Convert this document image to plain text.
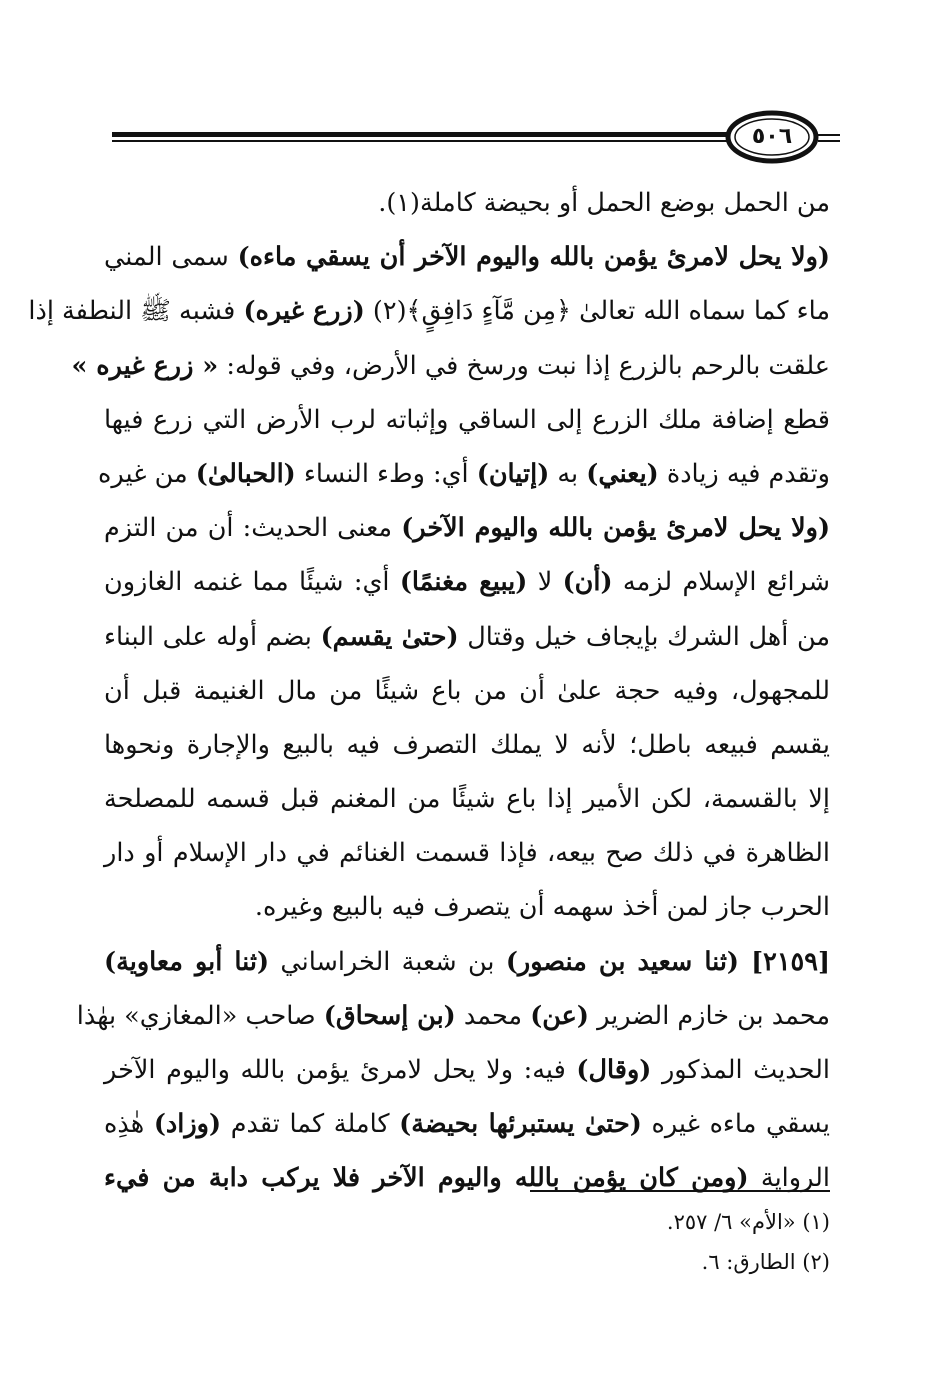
٥٠٦
من الحمل بوضع الحمل أو بحيضة كاملة(١).
(ولا يحل لامرئ يؤمن بالله واليوم الآخر أن يسقي ماءه) سمى المني
ماء كما سماه الله تعالىٰ ﴿مِن مَّآءٍ دَافِقٍ﴾(٢) (زرع غيره) فشبه ﷺ النطفة إذا
علقت بالرحم بالزرع إذا نبت ورسخ في الأرض، وفي قوله: « زرع غيره »
قطع إضافة ملك الزرع إلى الساقي وإثباته لرب الأرض التي زرع فيها
وتقدم فيه زيادة (يعني) به (إتيان) أي: وطء النساء (الحبالىٰ) من غيره
(ولا يحل لامرئ يؤمن بالله واليوم الآخر) معنى الحديث: أن من التزم
شرائع الإسلام لزمه (أن) لا (يبيع مغنمًا) أي: شيئًا مما غنمه الغازون
من أهل الشرك بإيجاف خيل وقتال (حتىٰ يقسم) بضم أوله على البناء
للمجهول، وفيه حجة علىٰ أن من باع شيئًا من مال الغنيمة قبل أن
يقسم فبيعه باطل؛ لأنه لا يملك التصرف فيه بالبيع والإجارة ونحوها
إلا بالقسمة، لكن الأمير إذا باع شيئًا من المغنم قبل قسمه للمصلحة
الظاهرة في ذلك صح بيعه، فإذا قسمت الغنائم في دار الإسلام أو دار
الحرب جاز لمن أخذ سهمه أن يتصرف فيه بالبيع وغيره.
[٢١٥٩] (ثنا سعيد بن منصور) بن شعبة الخراساني (ثنا أبو معاوية)
محمد بن خازم الضرير (عن) محمد (بن إسحاق) صاحب «المغازي» بهٰذا
الحديث المذكور (وقال) فيه: ولا يحل لامرئ يؤمن بالله واليوم الآخر
يسقي ماءه غيره (حتىٰ يستبرئها بحيضة) كاملة كما تقدم (وزاد) هٰذِه
الرواية (ومن كان يؤمن بالله واليوم الآخر فلا يركب دابة من فيء
(١) «الأم» ٦/ ٢٥٧.
(٢) الطارق: ٦.
